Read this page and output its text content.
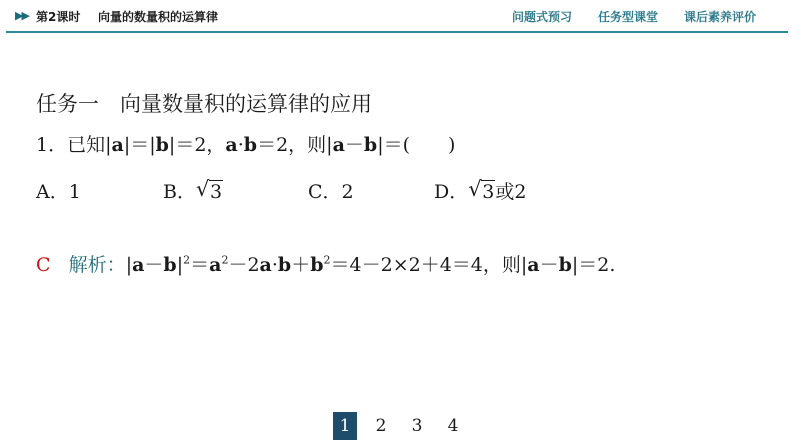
▶▶ 第2课时 向量的数量积的运算律	问题式预习 任务型课堂 课后素养评价
任务一　向量数量积的运算律的应用
1．已知|a|＝|b|＝2，a·b＝2，则|a－b|＝(　　)
A．1	B． √ 3	C．2	D． √ 3或2
C 解析：$|a-b|^2=a^2-2a\cdot b+b^2=4-2\times 2+4=4$，则|a－b|＝2.
1	2	3	4
